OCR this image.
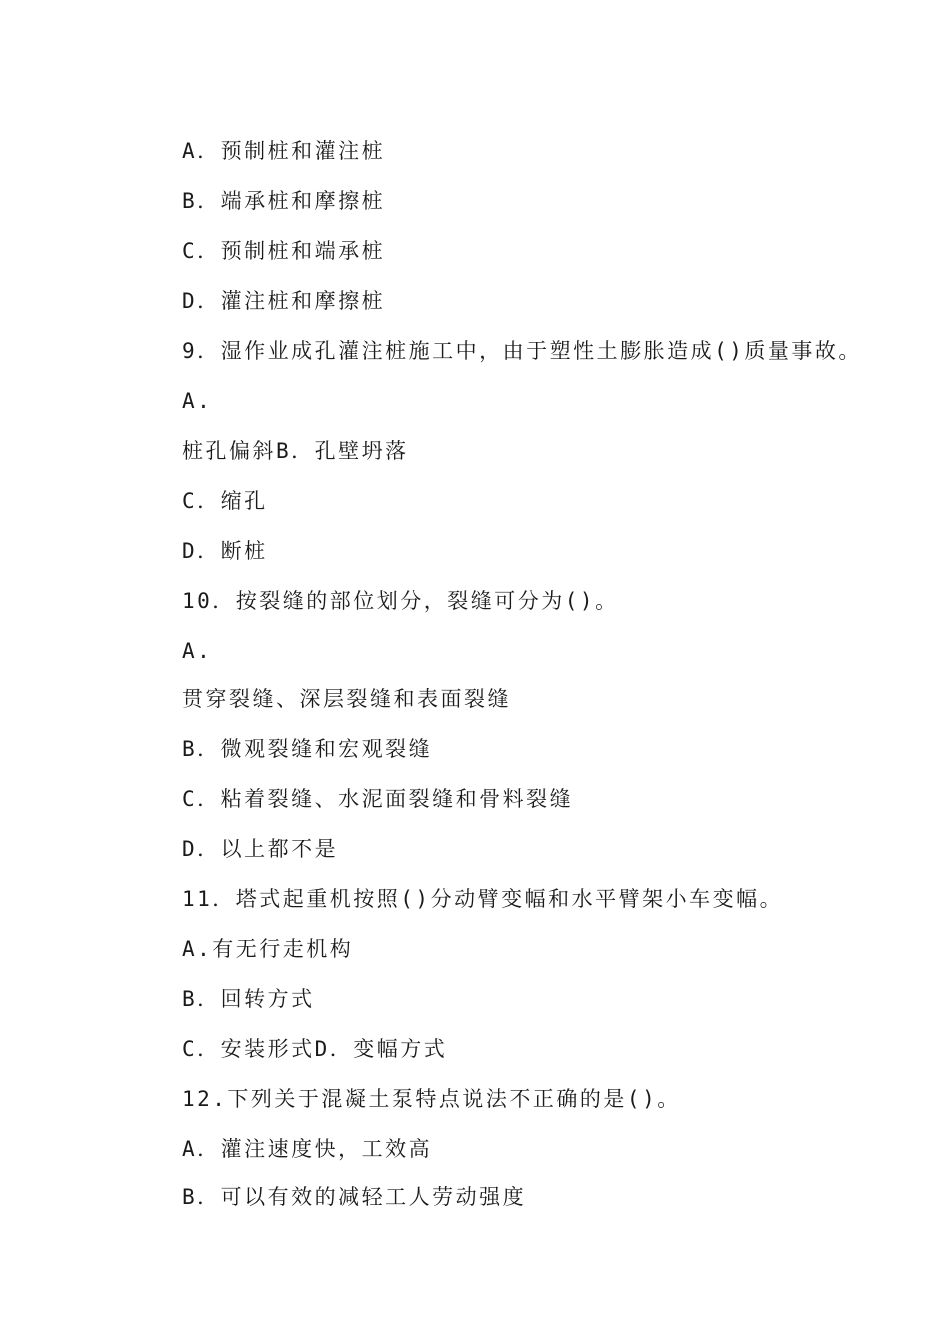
A．预制桩和灌注桩
B．端承桩和摩擦桩
C．预制桩和端承桩
D．灌注桩和摩擦桩
9．湿作业成孔灌注桩施工中，由于塑性土膨胀造成()质量事故。
A.
桩孔偏斜B．孔壁坍落
C．缩孔
D．断桩
10．按裂缝的部位划分，裂缝可分为()。
A.
贯穿裂缝、深层裂缝和表面裂缝
B．微观裂缝和宏观裂缝
C．粘着裂缝、水泥面裂缝和骨料裂缝
D．以上都不是
11．塔式起重机按照()分动臂变幅和水平臂架小车变幅。
A.有无行走机构
B．回转方式
C．安装形式D．变幅方式
12.下列关于混凝土泵特点说法不正确的是()。
A．灌注速度快，工效高
B．可以有效的减轻工人劳动强度
